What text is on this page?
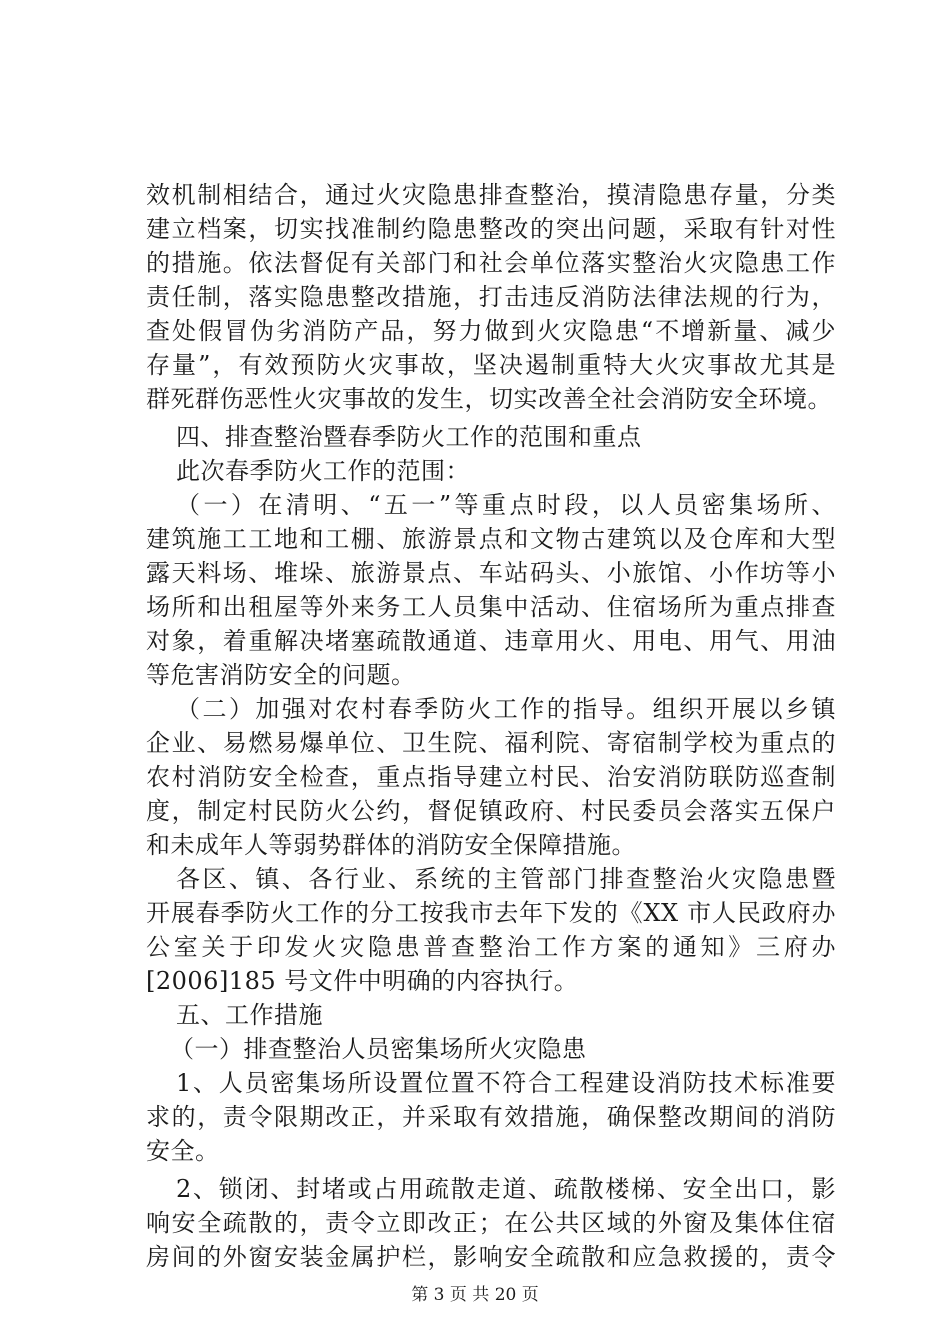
效机制相结合，通过火灾隐患排查整治，摸清隐患存量，分类
建立档案，切实找准制约隐患整改的突出问题，采取有针对性
的措施。依法督促有关部门和社会单位落实整治火灾隐患工作
责任制，落实隐患整改措施，打击违反消防法律法规的行为，
查处假冒伪劣消防产品，努力做到火灾隐患“不增新量、减少
存量”，有效预防火灾事故，坚决遏制重特大火灾事故尤其是
群死群伤恶性火灾事故的发生，切实改善全社会消防安全环境。
四、排查整治暨春季防火工作的范围和重点
此次春季防火工作的范围：
（一）在清明、“五一”等重点时段，以人员密集场所、
建筑施工工地和工棚、旅游景点和文物古建筑以及仓库和大型
露天料场、堆垛、旅游景点、车站码头、小旅馆、小作坊等小
场所和出租屋等外来务工人员集中活动、住宿场所为重点排查
对象，着重解决堵塞疏散通道、违章用火、用电、用气、用油
等危害消防安全的问题。
（二）加强对农村春季防火工作的指导。组织开展以乡镇
企业、易燃易爆单位、卫生院、福利院、寄宿制学校为重点的
农村消防安全检查，重点指导建立村民、治安消防联防巡查制
度，制定村民防火公约，督促镇政府、村民委员会落实五保户
和未成年人等弱势群体的消防安全保障措施。
各区、镇、各行业、系统的主管部门排查整治火灾隐患暨
开展春季防火工作的分工按我市去年下发的《XX 市人民政府办
公室关于印发火灾隐患普查整治工作方案的通知》三府办
[2006]185 号文件中明确的内容执行。
五、工作措施
（一）排查整治人员密集场所火灾隐患
1、人员密集场所设置位置不符合工程建设消防技术标准要
求的，责令限期改正，并采取有效措施，确保整改期间的消防
安全。
2、锁闭、封堵或占用疏散走道、疏散楼梯、安全出口，影
响安全疏散的，责令立即改正；在公共区域的外窗及集体住宿
房间的外窗安装金属护栏，影响安全疏散和应急救援的，责令
第 3 页 共 20 页
